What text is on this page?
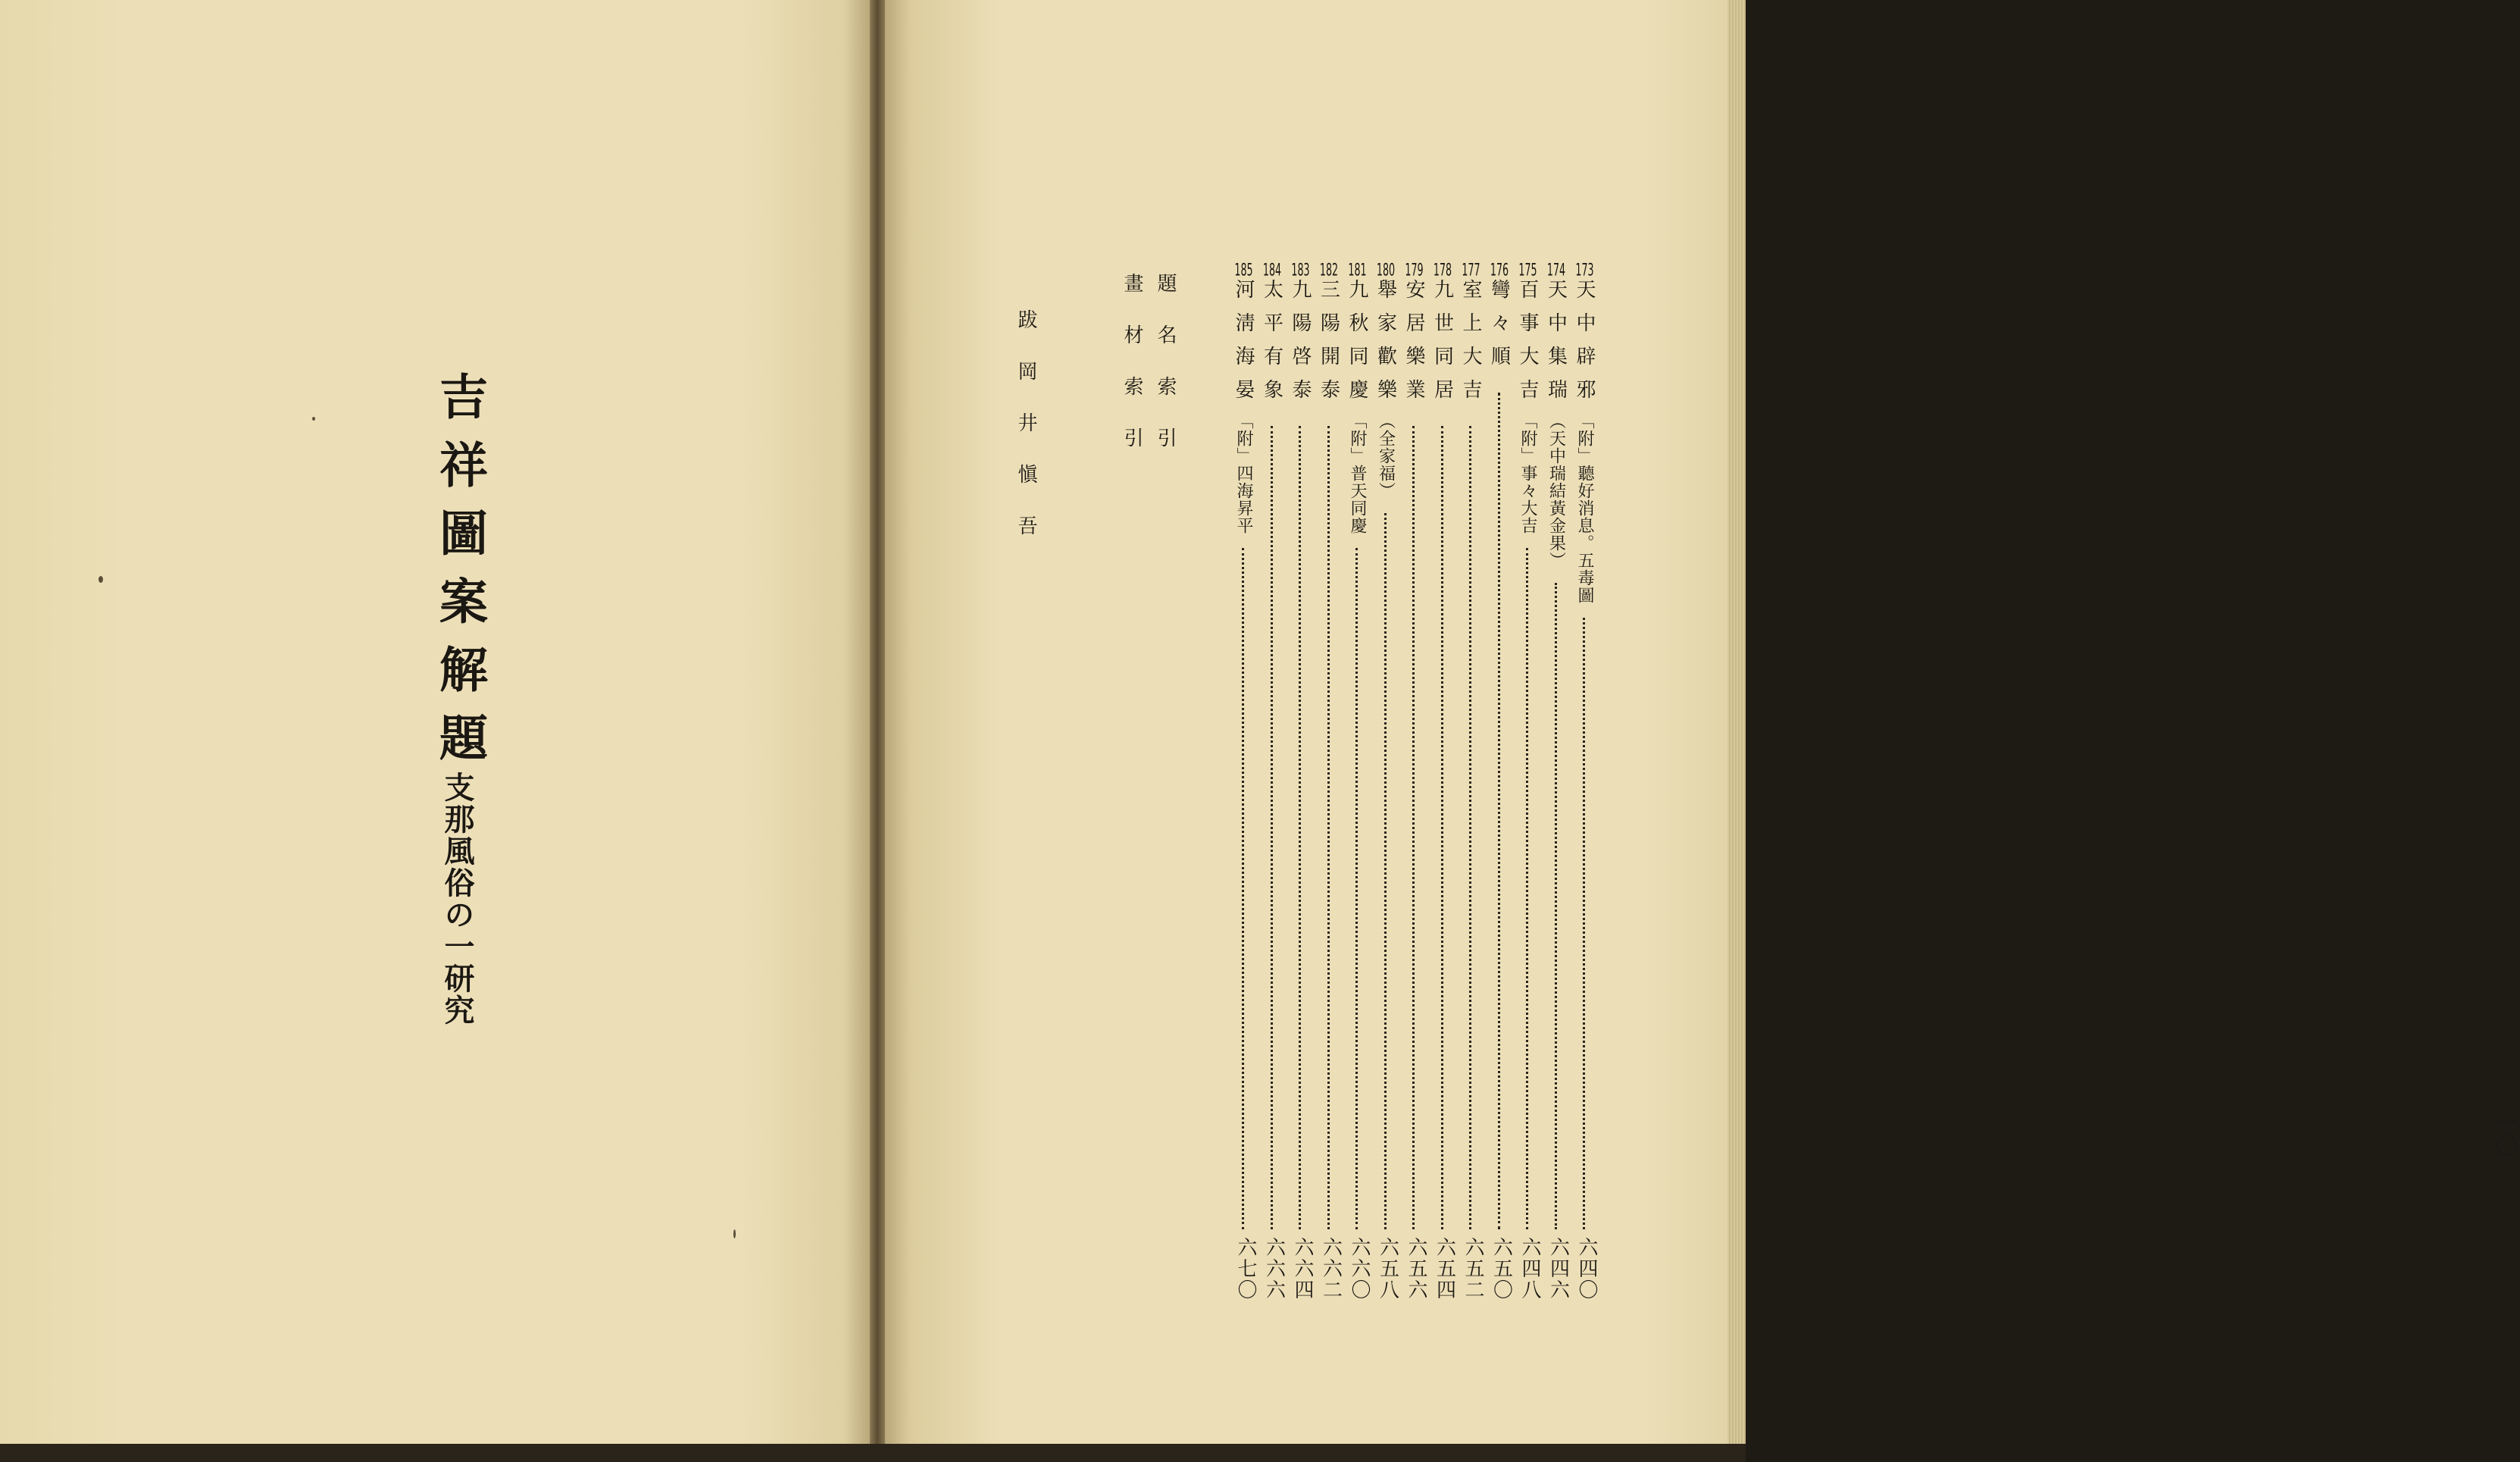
吉祥圖案解題
支那風俗の一研究
一〇
173天中辟邪「附」聽好消息。五毒圖
六四〇
174天中集瑞（天中瑞結黃金果）
六四六
175百事大吉「附」事々大吉
六四八
176彎々順
六五〇
177室上大吉
六五二
178九世同居
六五四
179安居樂業
六五六
180舉家歡樂（全家福）
六五八
181九秋同慶「附」普天同慶
六六〇
182三陽開泰
六六二
183九陽啓泰
六六四
184太平有象
六六六
185河淸海晏「附」四海昇平
六七〇
題名索引
畫材索引
跋岡井愼吾
